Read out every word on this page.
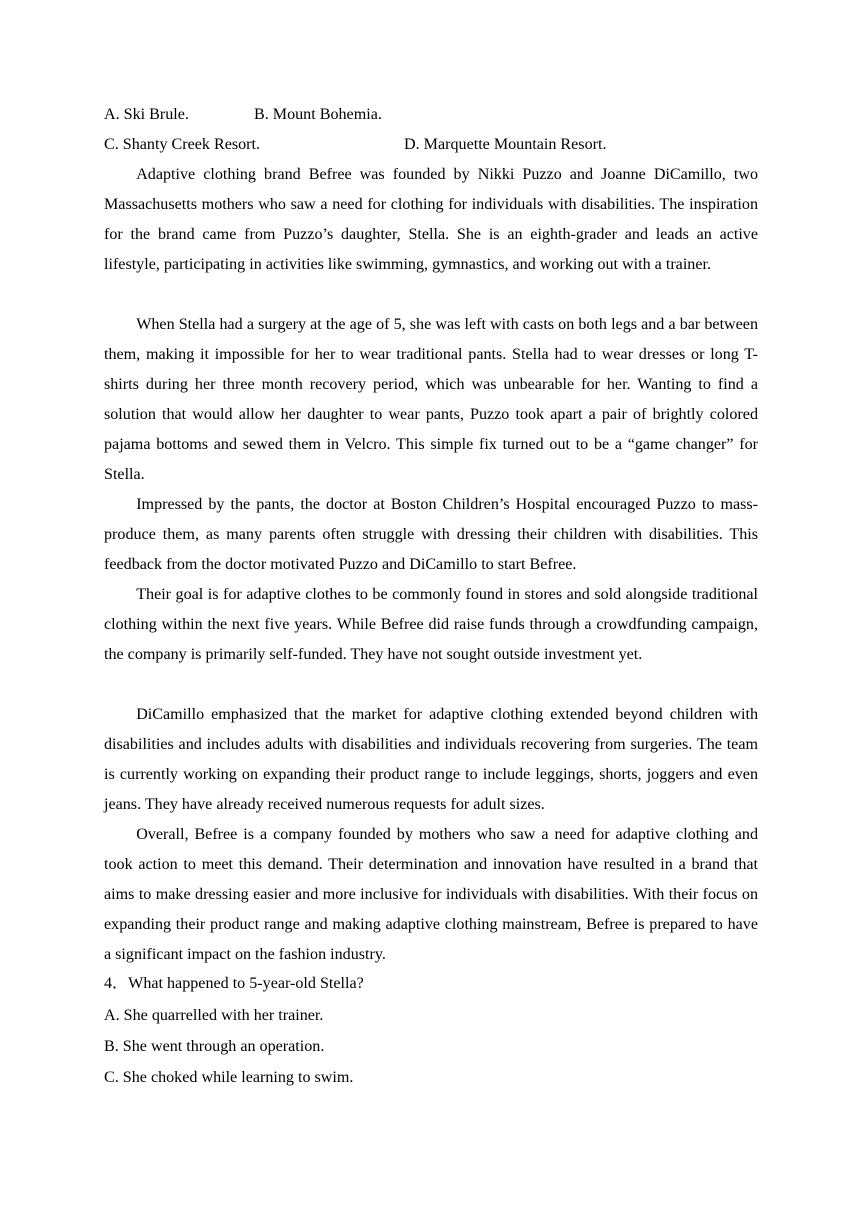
A. Ski Brule.	B. Mount Bohemia.
C. Shanty Creek Resort.	D. Marquette Mountain Resort.

Adaptive clothing brand Befree was founded by Nikki Puzzo and Joanne DiCamillo, two Massachusetts mothers who saw a need for clothing for individuals with disabilities. The inspiration for the brand came from Puzzo’s daughter, Stella. She is an eighth-grader and leads an active lifestyle, participating in activities like swimming, gymnastics, and working out with a trainer.

When Stella had a surgery at the age of 5, she was left with casts on both legs and a bar between them, making it impossible for her to wear traditional pants. Stella had to wear dresses or long T-shirts during her three month recovery period, which was unbearable for her. Wanting to find a solution that would allow her daughter to wear pants, Puzzo took apart a pair of brightly colored pajama bottoms and sewed them in Velcro. This simple fix turned out to be a “game changer” for Stella.

Impressed by the pants, the doctor at Boston Children’s Hospital encouraged Puzzo to mass-produce them, as many parents often struggle with dressing their children with disabilities. This feedback from the doctor motivated Puzzo and DiCamillo to start Befree.

Their goal is for adaptive clothes to be commonly found in stores and sold alongside traditional clothing within the next five years. While Befree did raise funds through a crowdfunding campaign, the company is primarily self-funded. They have not sought outside investment yet.

DiCamillo emphasized that the market for adaptive clothing extended beyond children with disabilities and includes adults with disabilities and individuals recovering from surgeries. The team is currently working on expanding their product range to include leggings, shorts, joggers and even jeans. They have already received numerous requests for adult sizes.

Overall, Befree is a company founded by mothers who saw a need for adaptive clothing and took action to meet this demand. Their determination and innovation have resulted in a brand that aims to make dressing easier and more inclusive for individuals with disabilities. With their focus on expanding their product range and making adaptive clothing mainstream, Befree is prepared to have a significant impact on the fashion industry.

4．What happened to 5-year-old Stella?
A. She quarrelled with her trainer.
B. She went through an operation.
C. She choked while learning to swim.
